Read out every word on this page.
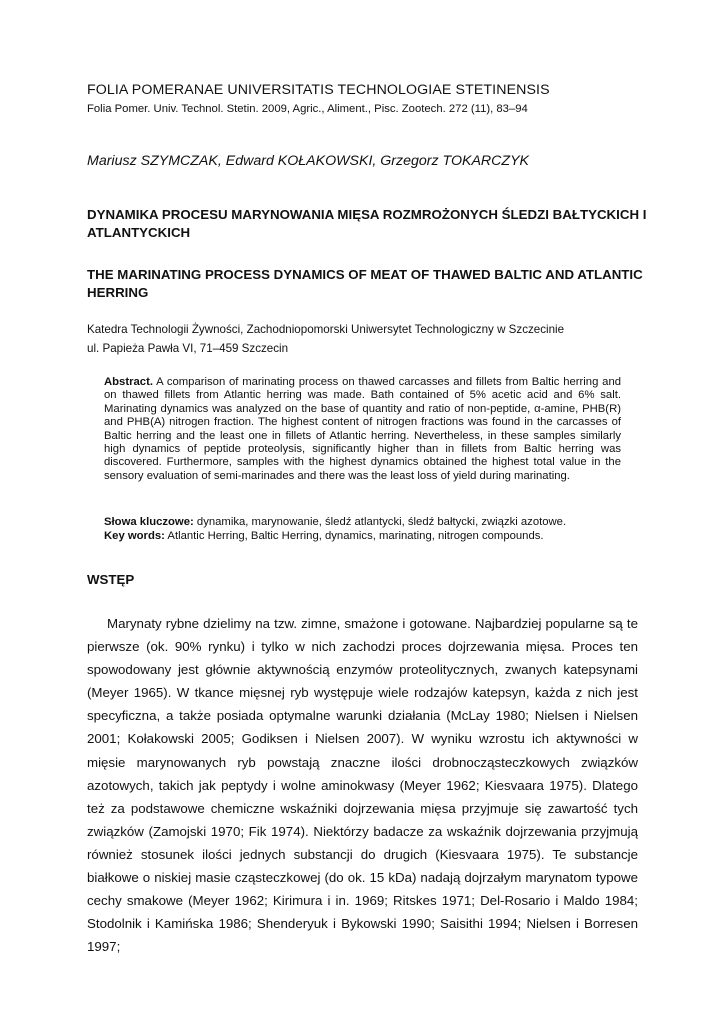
FOLIA POMERANAE UNIVERSITATIS TECHNOLOGIAE STETINENSIS
Folia Pomer. Univ. Technol. Stetin. 2009, Agric., Aliment., Pisc. Zootech. 272 (11), 83–94
Mariusz SZYMCZAK, Edward KOŁAKOWSKI, Grzegorz TOKARCZYK
DYNAMIKA PROCESU MARYNOWANIA MIĘSA ROZMROŻONYCH ŚLEDZI BAŁTYCKICH I ATLANTYCKICH
THE MARINATING PROCESS DYNAMICS OF MEAT OF THAWED BALTIC AND ATLANTIC HERRING
Katedra Technologii Żywności, Zachodniopomorski Uniwersytet Technologiczny w Szczecinie
ul. Papieża Pawła VI, 71–459 Szczecin
Abstract. A comparison of marinating process on thawed carcasses and fillets from Baltic herring and on thawed fillets from Atlantic herring was made. Bath contained of 5% acetic acid and 6% salt. Marinating dynamics was analyzed on the base of quantity and ratio of non-peptide, α-amine, PHB(R) and PHB(A) nitrogen fraction. The highest content of nitrogen fractions was found in the carcasses of Baltic herring and the least one in fillets of Atlantic herring. Nevertheless, in these samples similarly high dynamics of peptide proteolysis, significantly higher than in fillets from Baltic herring was discovered. Furthermore, samples with the highest dynamics obtained the highest total value in the sensory evaluation of semi-marinades and there was the least loss of yield during marinating.
Słowa kluczowe: dynamika, marynowanie, śledź atlantycki, śledź bałtycki, związki azotowe.
Key words: Atlantic Herring, Baltic Herring, dynamics, marinating, nitrogen compounds.
WSTĘP

Marynaty rybne dzielimy na tzw. zimne, smażone i gotowane. Najbardziej popularne są te pierwsze (ok. 90% rynku) i tylko w nich zachodzi proces dojrzewania mięsa. Proces ten spowodowany jest głównie aktywnością enzymów proteolitycznych, zwanych katepsynami (Meyer 1965). W tkance mięsnej ryb występuje wiele rodzajów katepsyn, każda z nich jest specyficzna, a także posiada optymalne warunki działania (McLay 1980; Nielsen i Nielsen 2001; Kołakowski 2005; Godiksen i Nielsen 2007). W wyniku wzrostu ich aktywności w mięsie marynowanych ryb powstają znaczne ilości drobnocząsteczkowych związków azotowych, takich jak peptydy i wolne aminokwasy (Meyer 1962; Kiesvaara 1975). Dlatego też za podstawowe chemiczne wskaźniki dojrzewania mięsa przyjmuje się zawartość tych związków (Zamojski 1970; Fik 1974). Niektórzy badacze za wskaźnik dojrzewania przyjmują również stosunek ilości jednych substancji do drugich (Kiesvaara 1975). Te substancje białkowe o niskiej masie cząsteczkowej (do ok. 15 kDa) nadają dojrzałym marynatom typowe cechy smakowe (Meyer 1962; Kirimura i in. 1969; Ritskes 1971; Del-Rosario i Maldo 1984; Stodolnik i Kamińska 1986; Shenderyuk i Bykowski 1990; Saisithi 1994; Nielsen i Borresen 1997;
